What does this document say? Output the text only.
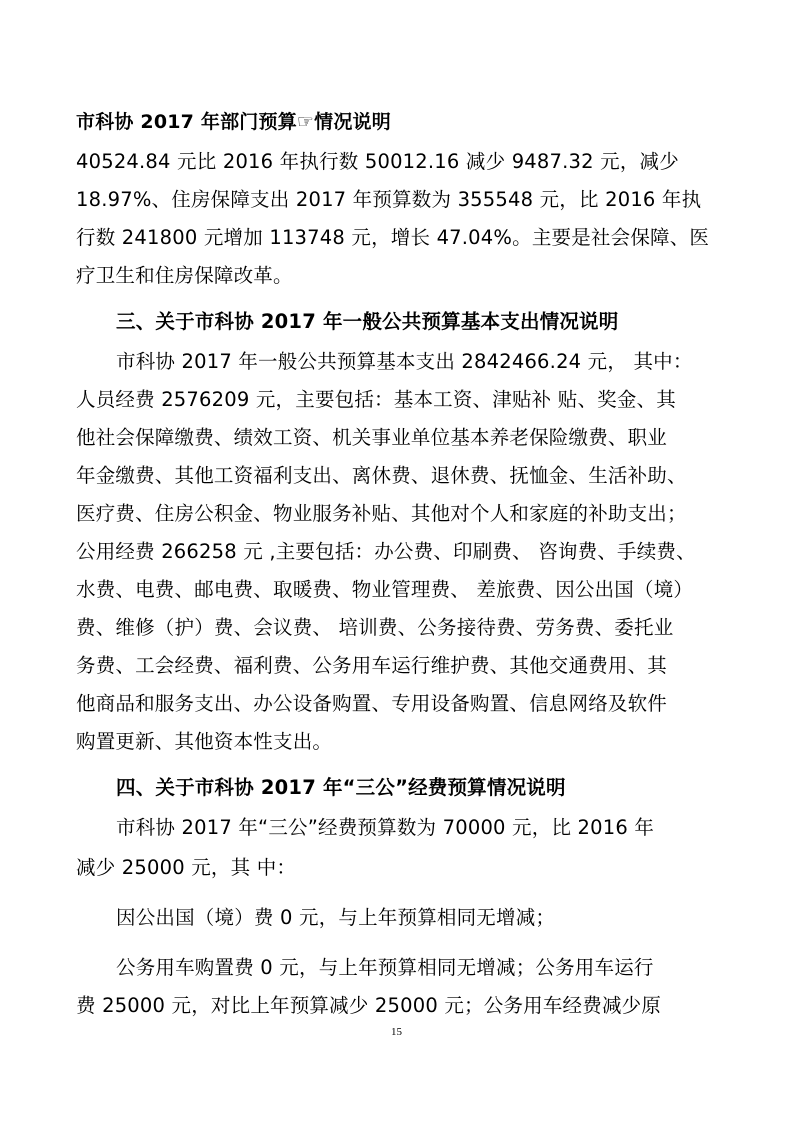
市科协 2017 年部门预算☞情况说明
40524.84 元比 2016 年执行数 50012.16 减少 9487.32 元，减少
18.97%、住房保障支出 2017 年预算数为 355548 元，比 2016 年执
行数 241800 元增加 113748 元，增长 47.04%。主要是社会保障、医
疗卫生和住房保障改革。
三、关于市科协 2017 年一般公共预算基本支出情况说明
市科协 2017 年一般公共预算基本支出 2842466.24 元， 其中：
人员经费 2576209 元，主要包括：基本工资、津贴补 贴、奖金、其
他社会保障缴费、绩效工资、机关事业单位基本养老保险缴费、职业
年金缴费、其他工资福利支出、离休费、退休费、抚恤金、生活补助、
医疗费、住房公积金、物业服务补贴、其他对个人和家庭的补助支出；
公用经费 266258 元 ,主要包括：办公费、印刷费、 咨询费、手续费、
水费、电费、邮电费、取暖费、物业管理费、 差旅费、因公出国（境）
费、维修（护）费、会议费、 培训费、公务接待费、劳务费、委托业
务费、工会经费、福利费、公务用车运行维护费、其他交通费用、其
他商品和服务支出、办公设备购置、专用设备购置、信息网络及软件
购置更新、其他资本性支出。
四、关于市科协 2017 年“三公”经费预算情况说明
市科协 2017 年“三公”经费预算数为 70000 元，比 2016 年
减少 25000 元，其 中：
因公出国（境）费 0 元，与上年预算相同无增减；
公务用车购置费 0 元，与上年预算相同无增减；公务用车运行
费 25000 元，对比上年预算减少 25000 元；公务用车经费减少原
15
